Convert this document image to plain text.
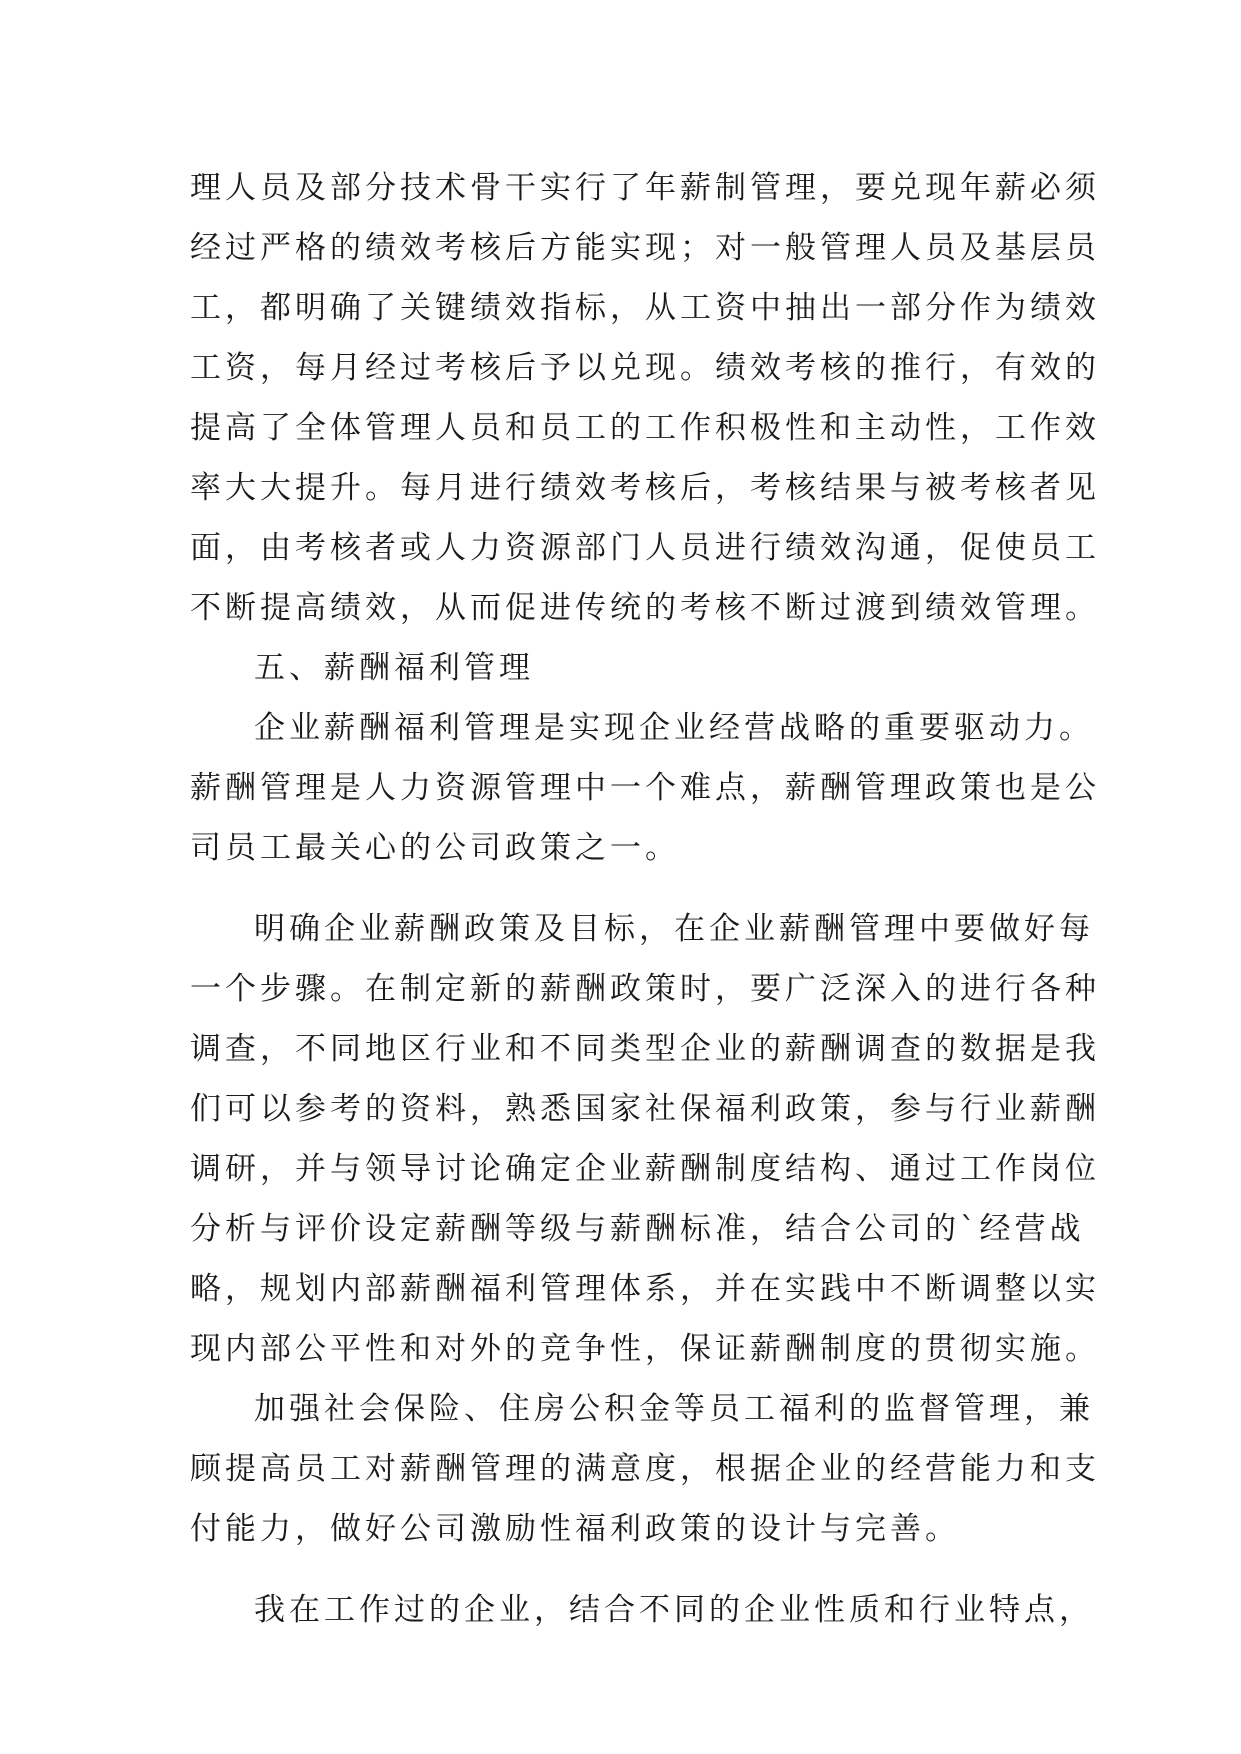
理人员及部分技术骨干实行了年薪制管理，要兑现年薪必须
经过严格的绩效考核后方能实现；对一般管理人员及基层员
工，都明确了关键绩效指标，从工资中抽出一部分作为绩效
工资，每月经过考核后予以兑现。绩效考核的推行，有效的
提高了全体管理人员和员工的工作积极性和主动性，工作效
率大大提升。每月进行绩效考核后，考核结果与被考核者见
面，由考核者或人力资源部门人员进行绩效沟通，促使员工
不断提高绩效，从而促进传统的考核不断过渡到绩效管理。
五、薪酬福利管理
企业薪酬福利管理是实现企业经营战略的重要驱动力。
薪酬管理是人力资源管理中一个难点，薪酬管理政策也是公
司员工最关心的公司政策之一。
明确企业薪酬政策及目标，在企业薪酬管理中要做好每
一个步骤。在制定新的薪酬政策时，要广泛深入的进行各种
调查，不同地区行业和不同类型企业的薪酬调查的数据是我
们可以参考的资料，熟悉国家社保福利政策，参与行业薪酬
调研，并与领导讨论确定企业薪酬制度结构、通过工作岗位
分析与评价设定薪酬等级与薪酬标准，结合公司的`经营战
略，规划内部薪酬福利管理体系，并在实践中不断调整以实
现内部公平性和对外的竞争性，保证薪酬制度的贯彻实施。
加强社会保险、住房公积金等员工福利的监督管理，兼
顾提高员工对薪酬管理的满意度，根据企业的经营能力和支
付能力，做好公司激励性福利政策的设计与完善。
我在工作过的企业，结合不同的企业性质和行业特点，
